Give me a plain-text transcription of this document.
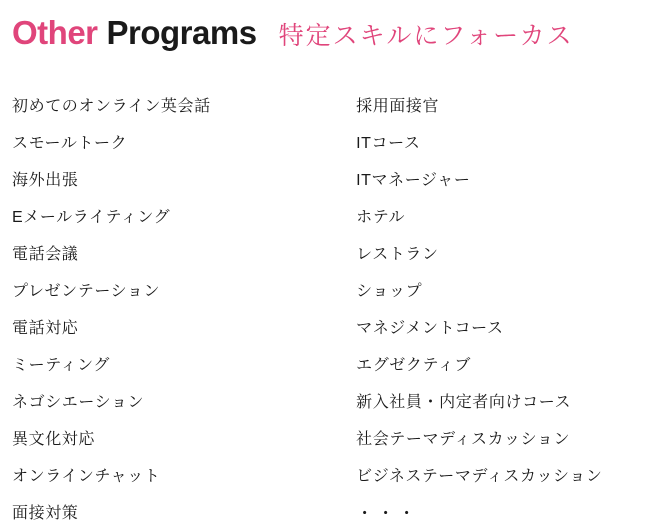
Other Programs 特定スキルにフォーカス
初めてのオンライン英会話
スモールトーク
海外出張
Eメールライティング
電話会議
プレゼンテーション
電話対応
ミーティング
ネゴシエーション
異文化対応
オンラインチャット
面接対策
採用面接官
ITコース
ITマネージャー
ホテル
レストラン
ショップ
マネジメントコース
エグゼクティブ
新入社員・内定者向けコース
社会テーマディスカッション
ビジネステーマディスカッション
・・・
